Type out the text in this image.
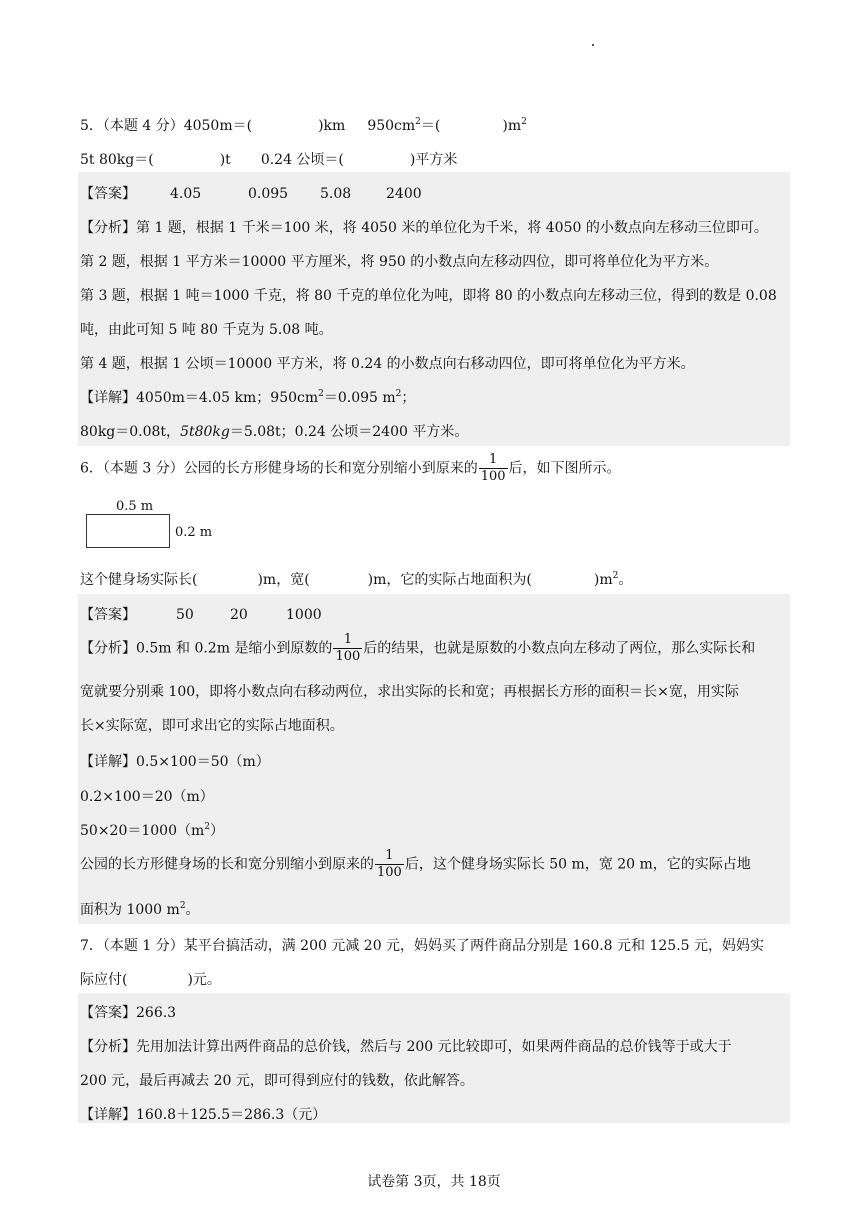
5．（本题 4 分）4050m＝(	)km $950cm^2=$(	)$m^2$
5t 80kg＝(	)t 0.24 公顷＝(	)平方米
【答案】 4.05	0.095 5.08 2400
【分析】第 1 题，根据 1 千米＝100 米，将 4050 米的单位化为千米，将 4050 的小数点向左移动三位即可。
第 2 题，根据 1 平方米＝10000 平方厘米，将 950 的小数点向左移动四位，即可将单位化为平方米。
第 3 题，根据 1 吨＝1000 千克，将 80 千克的单位化为吨，即将 80 的小数点向左移动三位，得到的数是 0.08
吨，由此可知 5 吨 80 千克为 5.08 吨。
第 4 题，根据 1 公顷＝10000 平方米，将 0.24 的小数点向右移动四位，即可将单位化为平方米。
【详解】4050m＝4.05 km；$950cm^2=0.095$ $m^2$；
80kg＝0.08t，5t80kg＝5.08t；0.24 公顷＝2400 平方米。
6．（本题 3 分）公园的长方形健身场的长和宽分别缩小到原来的 $\frac{1}{100}$ 后，如下图所示。
0.5 m
0.2 m
这个健身场实际长(	)m，宽(	)m，它的实际占地面积为(	)$m^2$。
【答案】	50	20	1000
【分析】0.5m 和 0.2m 是缩小到原数的 $\frac{1}{100}$ 后的结果，也就是原数的小数点向左移动了两位，那么实际长和
宽就要分别乘 100，即将小数点向右移动两位，求出实际的长和宽；再根据长方形的面积＝长×宽，用实际
长×实际宽，即可求出它的实际占地面积。
【详解】0.5×100＝50（m）
0.2×100＝20（m）
$50\times 20=1000(m^2)$
公园的长方形健身场的长和宽分别缩小到原来的 $\frac{1}{100}$ 后，这个健身场实际长 50 m，宽 20 m，它的实际占地
面积为 1000 $m^2$。
7．（本题 1 分）某平台搞活动，满 200 元减 20 元，妈妈买了两件商品分别是 160.8 元和 125.5 元，妈妈实
际应付(	)元。
【答案】266.3
【分析】先用加法计算出两件商品的总价钱，然后与 200 元比较即可，如果两件商品的总价钱等于或大于
200 元，最后再减去 20 元，即可得到应付的钱数，依此解答。
【详解】160.8＋125.5＝286.3（元）
试卷第 3页，共 18页
